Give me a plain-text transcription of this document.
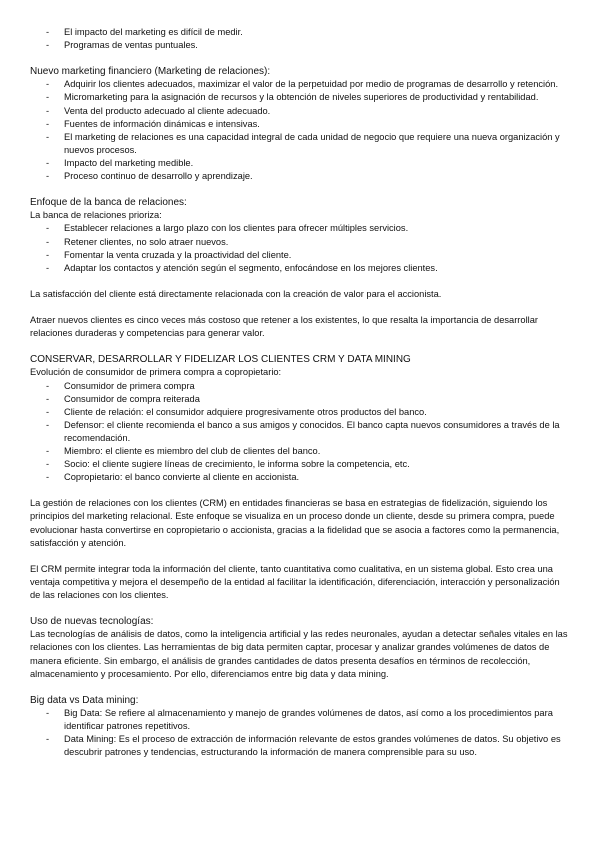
- El impacto del marketing es difícil de medir.
- Programas de ventas puntuales.

Nuevo marketing financiero (Marketing de relaciones):

- Adquirir los clientes adecuados, maximizar el valor de la perpetuidad por medio de programas de desarrollo y retención.
- Micromarketing para la asignación de recursos y la obtención de niveles superiores de productividad y rentabilidad.
- Venta del producto adecuado al cliente adecuado.
- Fuentes de información dinámicas e intensivas.
- El marketing de relaciones es una capacidad integral de cada unidad de negocio que requiere una nueva organización y nuevos procesos.
- Impacto del marketing medible.
- Proceso continuo de desarrollo y aprendizaje.

Enfoque de la banca de relaciones:

La banca de relaciones prioriza:

- Establecer relaciones a largo plazo con los clientes para ofrecer múltiples servicios.
- Retener clientes, no solo atraer nuevos.
- Fomentar la venta cruzada y la proactividad del cliente.
- Adaptar los contactos y atención según el segmento, enfocándose en los mejores clientes.

La satisfacción del cliente está directamente relacionada con la creación de valor para el accionista.

Atraer nuevos clientes es cinco veces más costoso que retener a los existentes, lo que resalta la importancia de desarrollar relaciones duraderas y competencias para generar valor.

CONSERVAR, DESARROLLAR Y FIDELIZAR LOS CLIENTES CRM Y DATA MINING

Evolución de consumidor de primera compra a copropietario:

- Consumidor de primera compra
- Consumidor de compra reiterada
- Cliente de relación: el consumidor adquiere progresivamente otros productos del banco.
- Defensor: el cliente recomienda el banco a sus amigos y conocidos. El banco capta nuevos consumidores a través de la recomendación.
- Miembro: el cliente es miembro del club de clientes del banco.
- Socio: el cliente sugiere líneas de crecimiento, le informa sobre la competencia, etc.
- Copropietario: el banco convierte al cliente en accionista.

La gestión de relaciones con los clientes (CRM) en entidades financieras se basa en estrategias de fidelización, siguiendo los principios del marketing relacional. Este enfoque se visualiza en un proceso donde un cliente, desde su primera compra, puede evolucionar hasta convertirse en copropietario o accionista, gracias a la fidelidad que se asocia a factores como la permanencia, satisfacción y atención.

El CRM permite integrar toda la información del cliente, tanto cuantitativa como cualitativa, en un sistema global. Esto crea una ventaja competitiva y mejora el desempeño de la entidad al facilitar la identificación, diferenciación, interacción y personalización de las relaciones con los clientes.

Uso de nuevas tecnologías:

Las tecnologías de análisis de datos, como la inteligencia artificial y las redes neuronales, ayudan a detectar señales vitales en las relaciones con los clientes. Las herramientas de big data permiten captar, procesar y analizar grandes volúmenes de datos de manera eficiente. Sin embargo, el análisis de grandes cantidades de datos presenta desafíos en términos de recolección, almacenamiento y procesamiento. Por ello, diferenciamos entre big data y data mining.

Big data vs Data mining:

- Big Data: Se refiere al almacenamiento y manejo de grandes volúmenes de datos, así como a los procedimientos para identificar patrones repetitivos.
- Data Mining: Es el proceso de extracción de información relevante de estos grandes volúmenes de datos. Su objetivo es descubrir patrones y tendencias, estructurando la información de manera comprensible para su uso.
